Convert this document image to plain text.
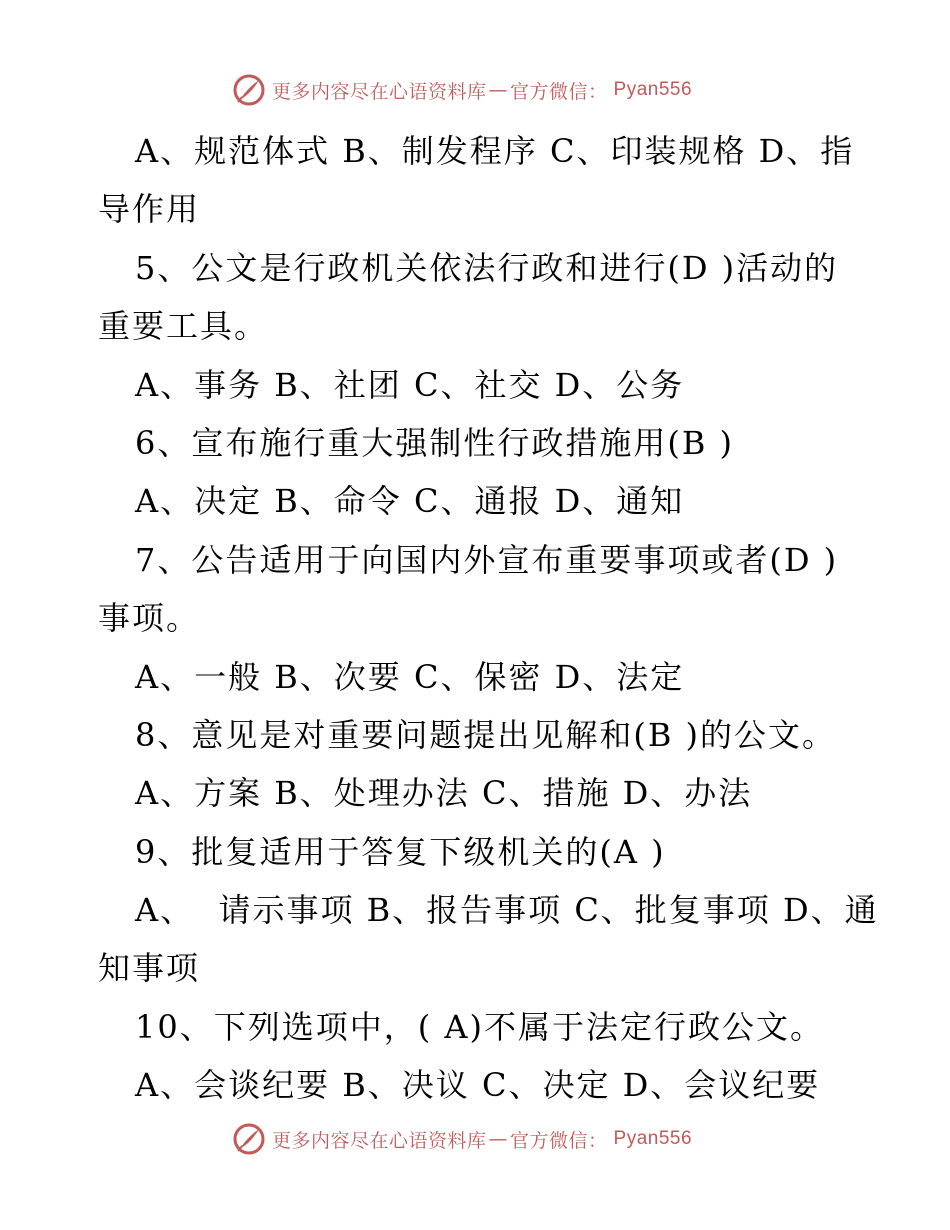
更多内容尽在心语资料库 — 官方微信 ： Pyan556
A、规范体式 B、制发程序 C、印装规格 D、指
导作用
5、公文是行政机关依法行政和进行(D )活动的
重要工具。
A、事务 B、社团 C、社交 D、公务
6、宣布施行重大强制性行政措施用(B )
A、决定 B、命令 C、通报 D、通知
7、公告适用于向国内外宣布重要事项或者(D )
事项。
A、一般 B、次要 C、保密 D、法定
8、意见是对重要问题提出见解和(B )的公文。
A、方案 B、处理办法 C、措施 D、办法
9、批复适用于答复下级机关的(A )
A、  请示事项 B、报告事项 C、批复事项 D、通
知事项
10、下列选项中，( A)不属于法定行政公文。
A、会谈纪要 B、决议 C、决定 D、会议纪要
更多内容尽在心语资料库 — 官方微信 ： Pyan556
